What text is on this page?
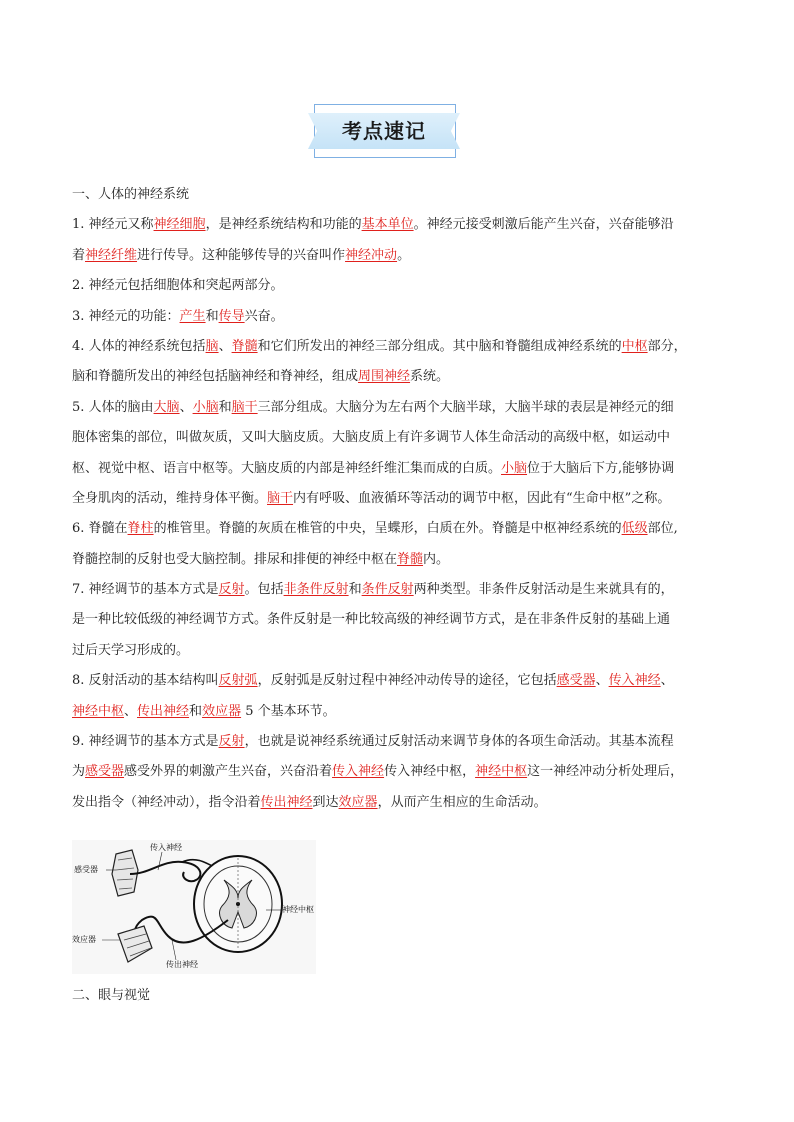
考点速记
一、人体的神经系统
1. 神经元又称神经细胞，是神经系统结构和功能的基本单位。神经元接受刺激后能产生兴奋，兴奋能够沿
着神经纤维进行传导。这种能够传导的兴奋叫作神经冲动。
2. 神经元包括细胞体和突起两部分。
3. 神经元的功能：产生和传导兴奋。
4. 人体的神经系统包括脑、脊髓和它们所发出的神经三部分组成。其中脑和脊髓组成神经系统的中枢部分，
脑和脊髓所发出的神经包括脑神经和脊神经，组成周围神经系统。
5. 人体的脑由大脑、小脑和脑干三部分组成。大脑分为左右两个大脑半球，大脑半球的表层是神经元的细
胞体密集的部位，叫做灰质，又叫大脑皮质。大脑皮质上有许多调节人体生命活动的高级中枢，如运动中
枢、视觉中枢、语言中枢等。大脑皮质的内部是神经纤维汇集而成的白质。小脑位于大脑后下方,能够协调
全身肌肉的活动，维持身体平衡。脑干内有呼吸、血液循环等活动的调节中枢，因此有“生命中枢”之称。
6. 脊髓在脊柱的椎管里。脊髓的灰质在椎管的中央，呈蝶形，白质在外。脊髓是中枢神经系统的低级部位,
脊髓控制的反射也受大脑控制。排尿和排便的神经中枢在脊髓内。
7. 神经调节的基本方式是反射。包括非条件反射和条件反射两种类型。非条件反射活动是生来就具有的，
是一种比较低级的神经调节方式。条件反射是一种比较高级的神经调节方式，是在非条件反射的基础上通
过后天学习形成的。
8. 反射活动的基本结构叫反射弧，反射弧是反射过程中神经冲动传导的途径，它包括感受器、传入神经、
神经中枢、传出神经和效应器 5 个基本环节。
9. 神经调节的基本方式是反射，也就是说神经系统通过反射活动来调节身体的各项生命活动。其基本流程
为感受器感受外界的刺激产生兴奋，兴奋沿着传入神经传入神经中枢，神经中枢这一神经冲动分析处理后，
发出指令（神经冲动），指令沿着传出神经到达效应器，从而产生相应的生命活动。
传入神经
感受器
神经中枢
效应器
传出神经
二、眼与视觉
